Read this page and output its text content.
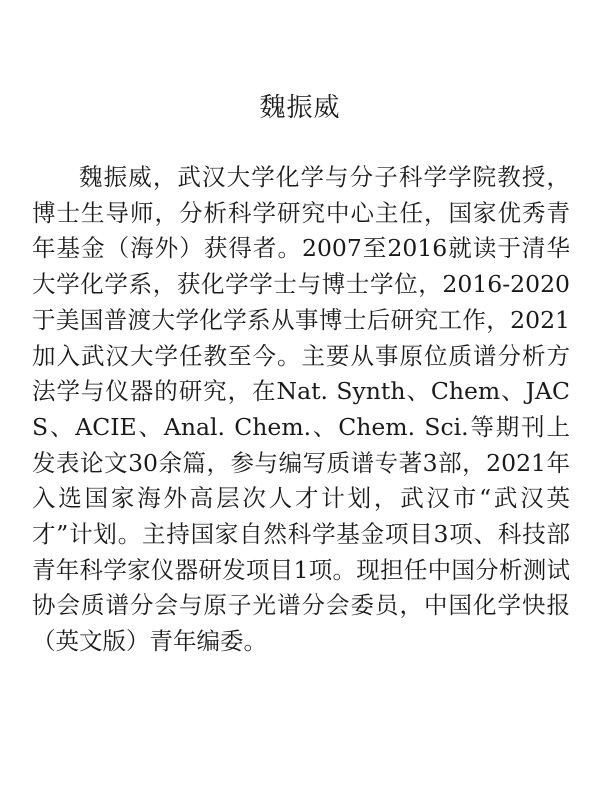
魏振威

魏振威，武汉大学化学与分子科学学院教授，博士生导师，分析科学研究中心主任，国家优秀青年基金（海外）获得者。2007至2016就读于清华大学化学系，获化学学士与博士学位，2016-2020于美国普渡大学化学系从事博士后研究工作，2021加入武汉大学任教至今。主要从事原位质谱分析方法学与仪器的研究，在Nat. Synth、Chem、JACS、ACIE、Anal. Chem.、Chem. Sci.等期刊上发表论文30余篇，参与编写质谱专著3部，2021年入选国家海外高层次人才计划，武汉市“武汉英才”计划。主持国家自然科学基金项目3项、科技部青年科学家仪器研发项目1项。现担任中国分析测试协会质谱分会与原子光谱分会委员，中国化学快报（英文版）青年编委。
